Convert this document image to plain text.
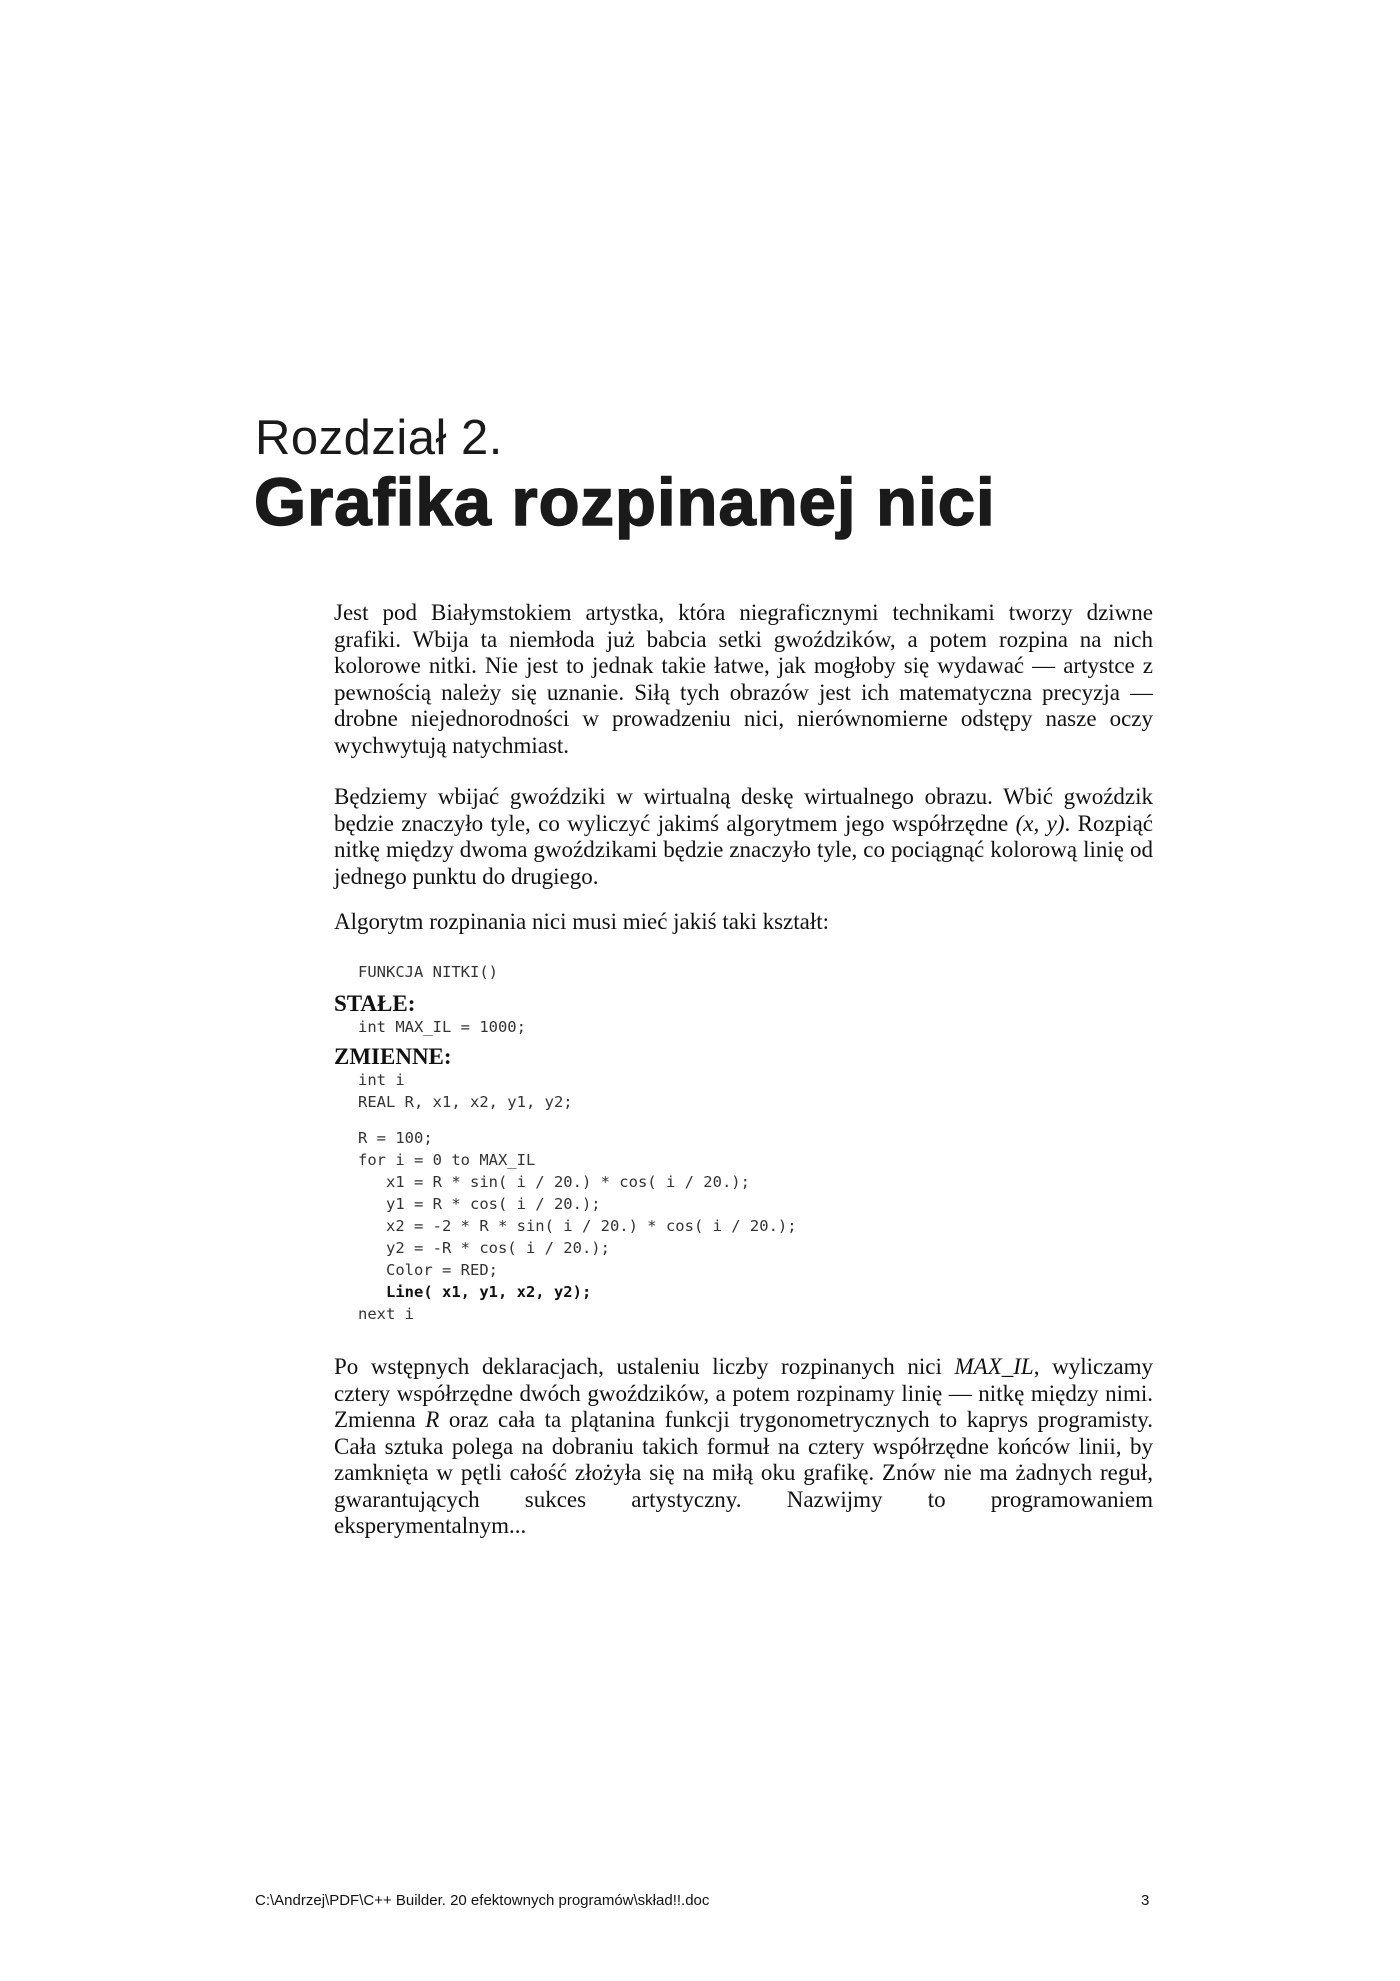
Rozdział 2.
Grafika rozpinanej nici

Jest pod Białymstokiem artystka, która niegraficznymi technikami tworzy dziwne grafiki. Wbija ta niemłoda już babcia setki gwoździków, a potem rozpina na nich kolorowe nitki. Nie jest to jednak takie łatwe, jak mogłoby się wydawać — artystce z pewnością należy się uznanie. Siłą tych obrazów jest ich matematyczna precyzja — drobne niejednorodności w prowadzeniu nici, nierównomierne odstępy nasze oczy wychwytują natychmiast.

Będziemy wbijać gwoździki w wirtualną deskę wirtualnego obrazu. Wbić gwoździk będzie znaczyło tyle, co wyliczyć jakimś algorytmem jego współrzędne (x, y). Rozpiąć nitkę między dwoma gwoździkami będzie znaczyło tyle, co pociągnąć kolorową linię od jednego punktu do drugiego.

Algorytm rozpinania nici musi mieć jakiś taki kształt:

FUNKCJA NITKI()
STAŁE:
int MAX_IL = 1000;
ZMIENNE:
int i
REAL R, x1, x2, y1, y2;
R = 100;
for i = 0 to MAX_IL
x1 = R * sin( i / 20.) * cos( i / 20.);
y1 = R * cos( i / 20.);
x2 = -2 * R * sin( i / 20.) * cos( i / 20.);
y2 = -R * cos( i / 20.);
Color = RED;
Line( x1, y1, x2, y2);
next i

Po wstępnych deklaracjach, ustaleniu liczby rozpinanych nici MAX_IL, wyliczamy cztery współrzędne dwóch gwoździków, a potem rozpinamy linię — nitkę między nimi. Zmienna R oraz cała ta plątanina funkcji trygonometrycznych to kaprys programisty. Cała sztuka polega na dobraniu takich formuł na cztery współrzędne końców linii, by zamknięta w pętli całość złożyła się na miłą oku grafikę. Znów nie ma żadnych reguł, gwarantujących sukces artystyczny. Nazwijmy to programowaniem eksperymentalnym...

C:\Andrzej\PDF\C++ Builder. 20 efektownych programów\skład!!.doc	3
